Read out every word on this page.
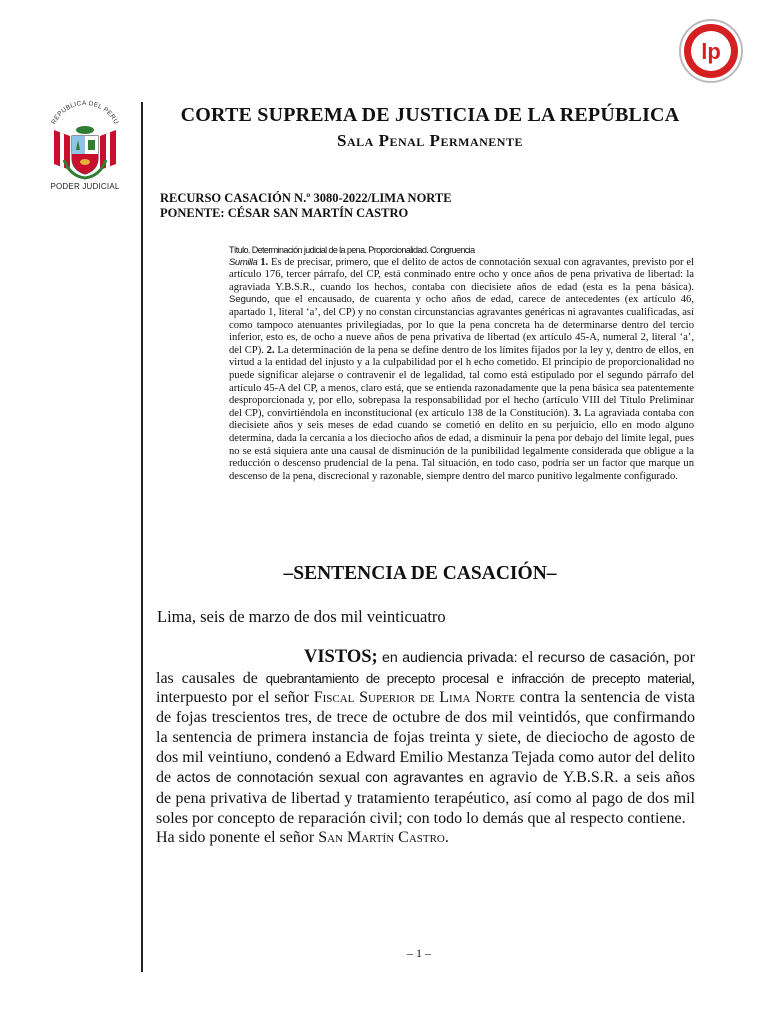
lp
REPUBLICA DEL PERU
PODER JUDICIAL
CORTE SUPREMA DE JUSTICIA DE LA REPÚBLICA
Sala Penal Permanente
RECURSO CASACIÓN N.º 3080-2022/LIMA NORTE
PONENTE: CÉSAR SAN MARTÍN CASTRO
Título. Determinación judicial de la pena. Proporcionalidad. Congruencia
Sumilla 1. Es de precisar, primero, que el delito de actos de connotación sexual con agravantes, previsto por el artículo 176, tercer párrafo, del CP, está conminado entre ocho y once años de pena privativa de libertad: la agraviada Y.B.S.R., cuando los hechos, contaba con diecisiete años de edad (esta es la pena básica). Segundo, que el encausado, de cuarenta y ocho años de edad, carece de antecedentes (ex artículo 46, apartado 1, literal ‘a’, del CP) y no constan circunstancias agravantes genéricas ni agravantes cualificadas, así como tampoco atenuantes privilegiadas, por lo que la pena concreta ha de determinarse dentro del tercio inferior, esto es, de ocho a nueve años de pena privativa de libertad (ex artículo 45-A, numeral 2, literal ‘a’, del CP). 2. La determinación de la pena se define dentro de los límites fijados por la ley y, dentro de ellos, en virtud a la entidad del injusto y a la culpabilidad por el h echo cometido. El principio de proporcionalidad no puede significar alejarse o contravenir el de legalidad, tal como está estipulado por el segundo párrafo del artículo 45-A del CP, a menos, claro está, que se entienda razonadamente que la pena básica sea patentemente desproporcionada y, por ello, sobrepasa la responsabilidad por el hecho (artículo VIII del Título Preliminar del CP), convirtiéndola en inconstitucional (ex artículo 138 de la Constitución). 3. La agraviada contaba con diecisiete años y seis meses de edad cuando se cometió en delito en su perjuicio, ello en modo alguno determina, dada la cercanía a los dieciocho años de edad, a disminuir la pena por debajo del límite legal, pues no se está siquiera ante una causal de disminución de la punibilidad legalmente considerada que obligue a la reducción o descenso prudencial de la pena. Tal situación, en todo caso, podría ser un factor que marque un descenso de la pena, discrecional y razonable, siempre dentro del marco punitivo legalmente configurado.
–SENTENCIA DE CASACIÓN–
Lima, seis de marzo de dos mil veinticuatro
VISTOS; en audiencia privada: el recurso de casación, por las causales de quebrantamiento de precepto procesal e infracción de precepto material, interpuesto por el señor Fiscal Superior de Lima Norte contra la sentencia de vista de fojas trescientos tres, de trece de octubre de dos mil veintidós, que confirmando la sentencia de primera instancia de fojas treinta y siete, de dieciocho de agosto de dos mil veintiuno, condenó a Edward Emilio Mestanza Tejada como autor del delito de actos de connotación sexual con agravantes en agravio de Y.B.S.R. a seis años de pena privativa de libertad y tratamiento terapéutico, así como al pago de dos mil soles por concepto de reparación civil; con todo lo demás que al respecto contiene.
Ha sido ponente el señor San Martín Castro.
– 1 –
